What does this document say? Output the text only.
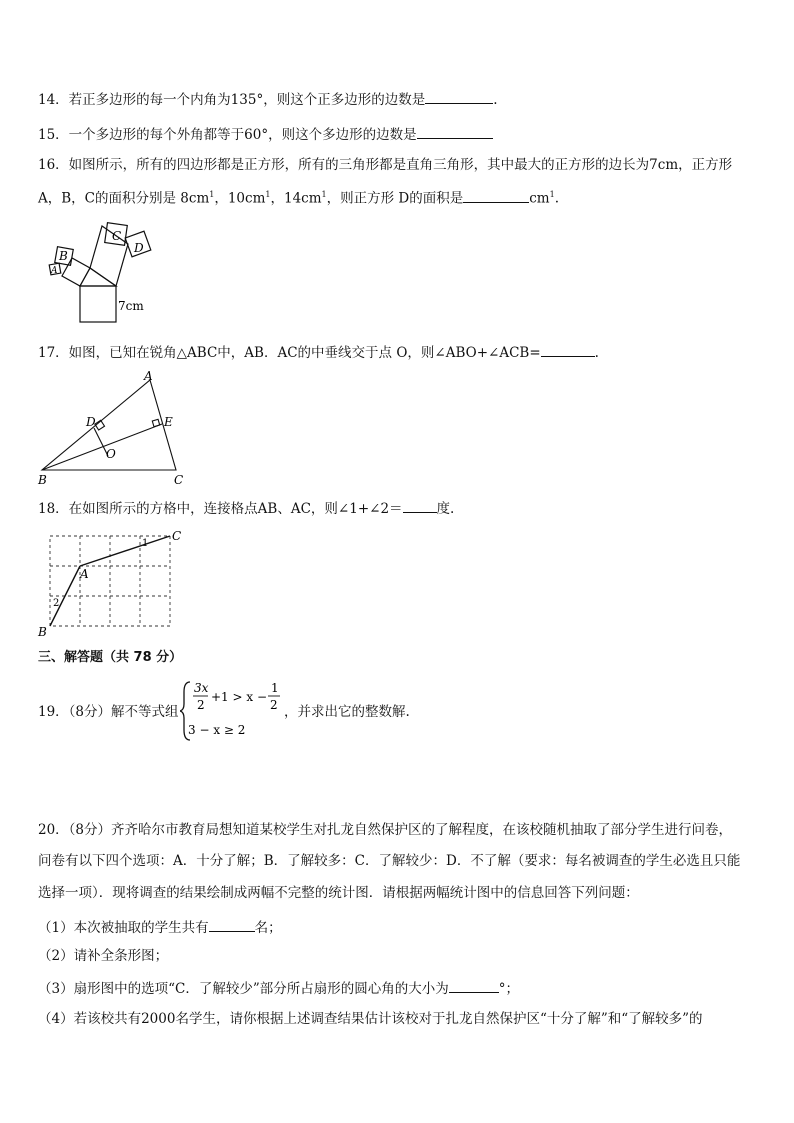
14．若正多边形的每一个内角为135°，则这个正多边形的边数是	.
15．一个多边形的每个外角都等于60°，则这个多边形的边数是
16．如图所示，所有的四边形都是正方形，所有的三角形都是直角三角形，其中最大的正方形的边长为7cm，正方形
A，B，C的面积分别是 $8cm^1$，$10cm^1$，$14cm^1$，则正方形 D的面积是	$cm^1$.
C
D
B
A
7cm
17．如图，已知在锐角△ABC中，AB．AC的中垂线交于点 O，则∠ABO+∠ACB=	.
A
D	E
O
B	C
18．在如图所示的方格中，连接格点AB、AC，则∠1+∠2＝	度.
C
A
B
1
2
三、解答题（共 78 分）
19．（8分）解不等式组
3x
2
+1 > x −
1
2
3 − x ≥ 2
，并求出它的整数解.
20．（8分）齐齐哈尔市教育局想知道某校学生对扎龙自然保护区的了解程度，在该校随机抽取了部分学生进行问卷，
问卷有以下四个选项：A．十分了解；B．了解较多：C．了解较少：D．不了解（要求：每名被调查的学生必选且只能
选择一项）．现将调查的结果绘制成两幅不完整的统计图．请根据两幅统计图中的信息回答下列问题：
（1）本次被抽取的学生共有	名；
（2）请补全条形图；
（3）扇形图中的选项“C．了解较少”部分所占扇形的圆心角的大小为	°；
（4）若该校共有2000名学生，请你根据上述调查结果估计该校对于扎龙自然保护区“十分了解”和“了解较多”的
